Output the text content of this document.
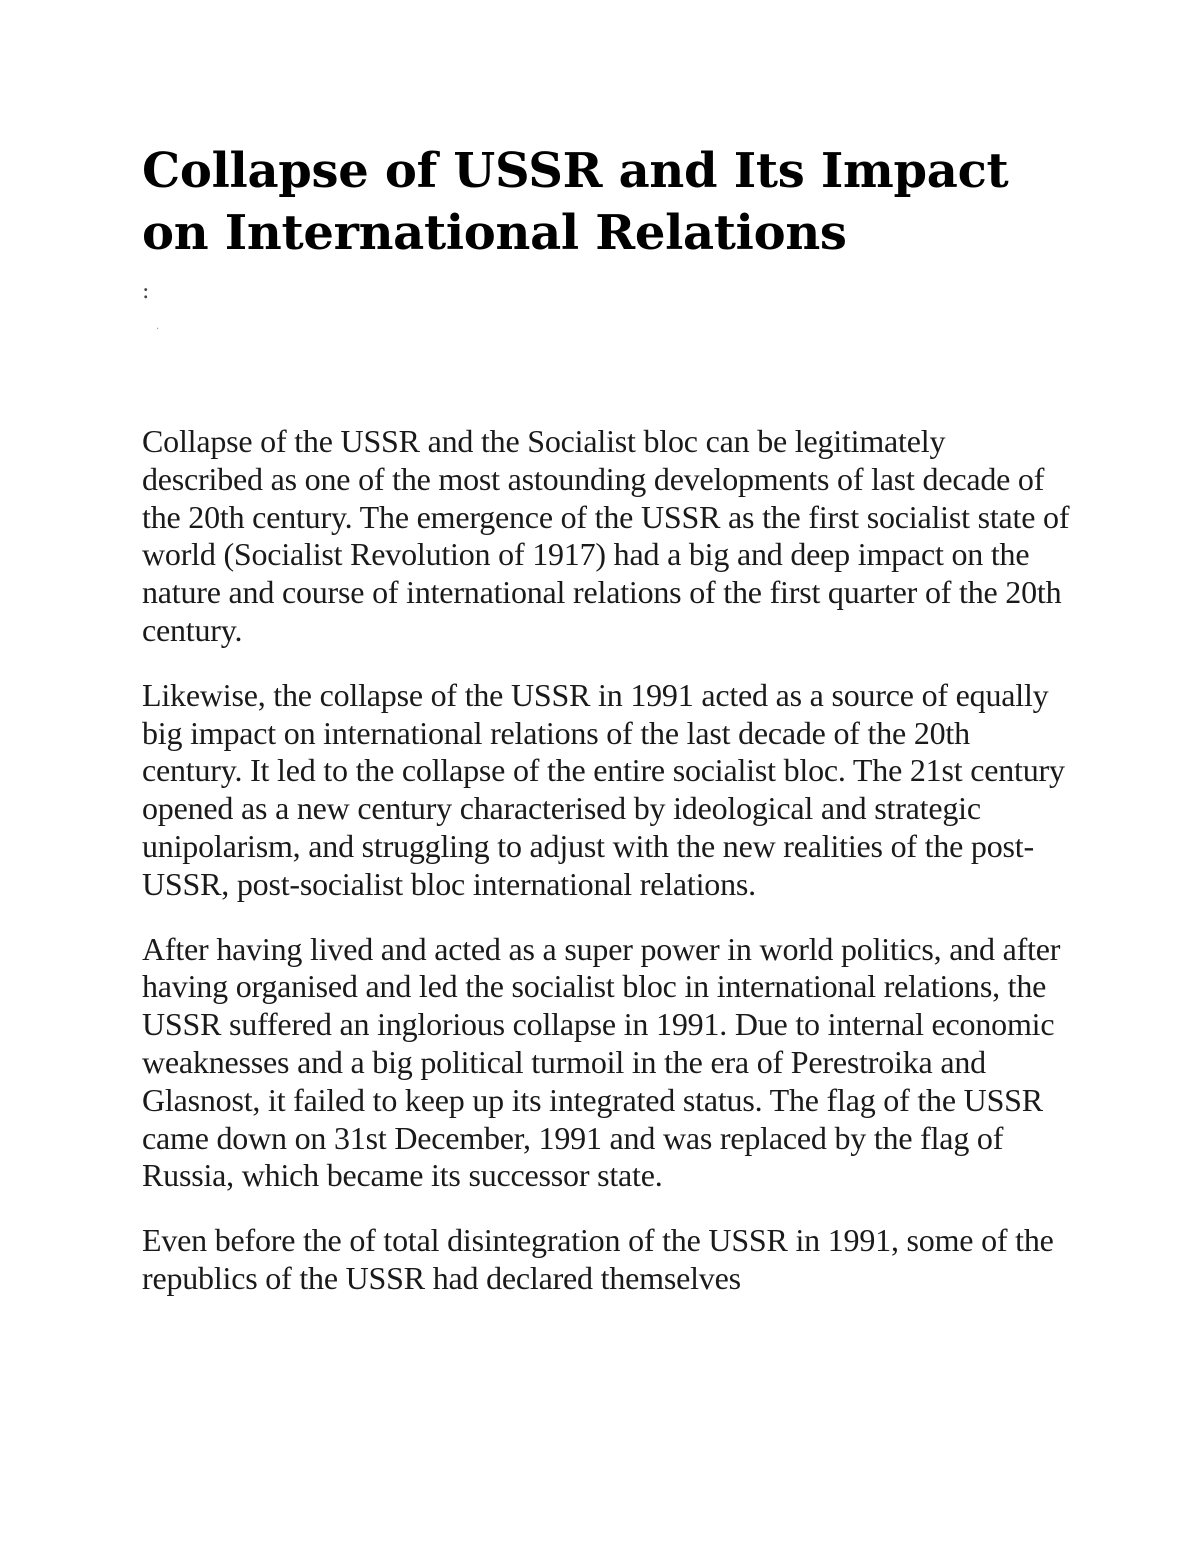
Collapse of USSR and Its Impact on International Relations
:
·

Collapse of the USSR and the Socialist bloc can be legitimately described as one of the most astounding developments of last decade of the 20th century. The emergence of the USSR as the first socialist state of world (Socialist Revolution of 1917) had a big and deep impact on the nature and course of international relations of the first quarter of the 20th century.

Likewise, the collapse of the USSR in 1991 acted as a source of equally big impact on international relations of the last decade of the 20th century. It led to the collapse of the entire socialist bloc. The 21st century opened as a new century characterised by ideological and strategic unipolarism, and struggling to adjust with the new realities of the post-USSR, post-socialist bloc international relations.

After having lived and acted as a super power in world politics, and after having organised and led the socialist bloc in international relations, the USSR suffered an inglorious collapse in 1991. Due to internal economic weaknesses and a big political turmoil in the era of Perestroika and Glasnost, it failed to keep up its integrated status. The flag of the USSR came down on 31st December, 1991 and was replaced by the flag of Russia, which became its successor state.

Even before the of total disintegration of the USSR in 1991, some of the republics of the USSR had declared themselves
